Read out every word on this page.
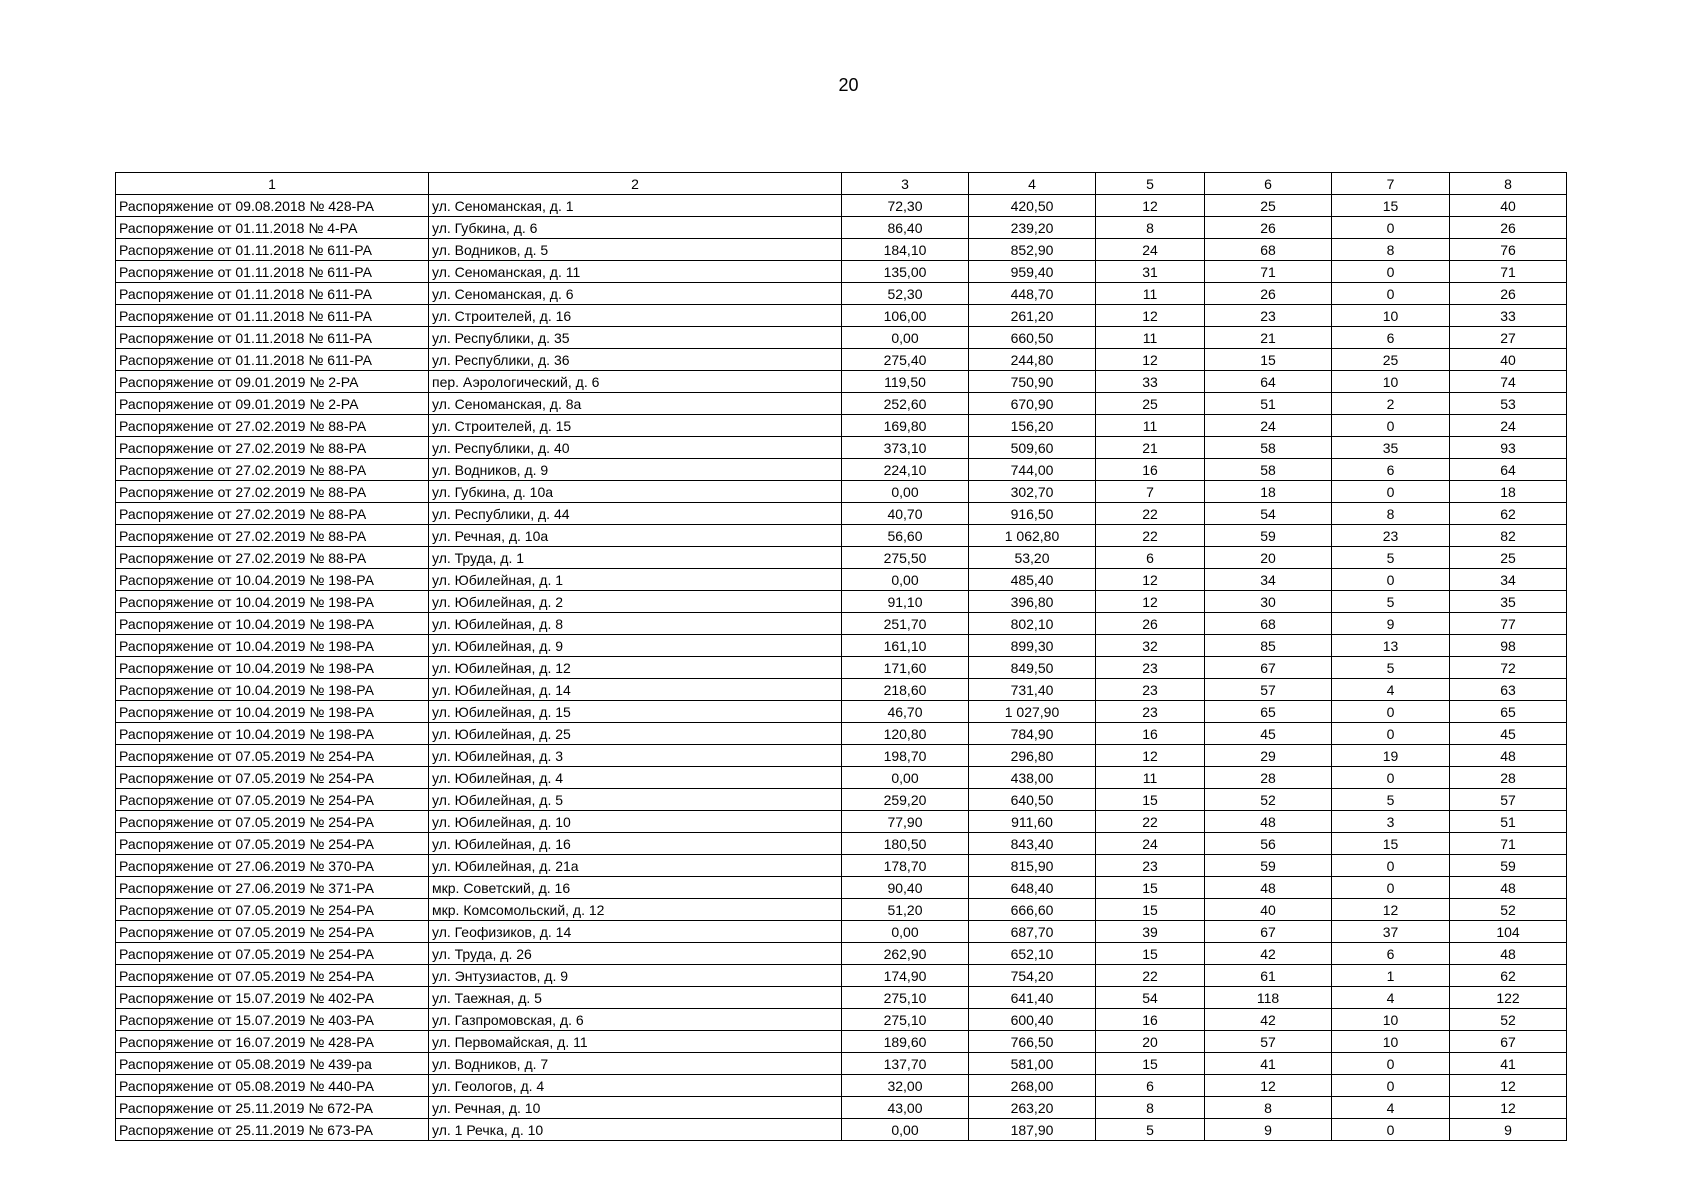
20
1	2	3	4	5	6	7	8
Распоряжение от 09.08.2018 № 428-РА	ул. Сеноманская, д. 1	72,30	420,50	12	25	15	40
Распоряжение от 01.11.2018 № 4-РА	ул. Губкина, д. 6	86,40	239,20	8	26	0	26
Распоряжение от 01.11.2018 № 611-РА	ул. Водников, д. 5	184,10	852,90	24	68	8	76
Распоряжение от 01.11.2018 № 611-РА	ул. Сеноманская, д. 11	135,00	959,40	31	71	0	71
Распоряжение от 01.11.2018 № 611-РА	ул. Сеноманская, д. 6	52,30	448,70	11	26	0	26
Распоряжение от 01.11.2018 № 611-РА	ул. Строителей, д. 16	106,00	261,20	12	23	10	33
Распоряжение от 01.11.2018 № 611-РА	ул. Республики, д. 35	0,00	660,50	11	21	6	27
Распоряжение от 01.11.2018 № 611-РА	ул. Республики, д. 36	275,40	244,80	12	15	25	40
Распоряжение от 09.01.2019 № 2-РА	пер. Аэрологический, д. 6	119,50	750,90	33	64	10	74
Распоряжение от 09.01.2019 № 2-РА	ул. Сеноманская, д. 8а	252,60	670,90	25	51	2	53
Распоряжение от 27.02.2019 № 88-РА	ул. Строителей, д. 15	169,80	156,20	11	24	0	24
Распоряжение от 27.02.2019 № 88-РА	ул. Республики, д. 40	373,10	509,60	21	58	35	93
Распоряжение от 27.02.2019 № 88-РА	ул. Водников, д. 9	224,10	744,00	16	58	6	64
Распоряжение от 27.02.2019 № 88-РА	ул. Губкина, д. 10а	0,00	302,70	7	18	0	18
Распоряжение от 27.02.2019 № 88-РА	ул. Республики, д. 44	40,70	916,50	22	54	8	62
Распоряжение от 27.02.2019 № 88-РА	ул. Речная, д. 10а	56,60	1 062,80	22	59	23	82
Распоряжение от 27.02.2019 № 88-РА	ул. Труда, д. 1	275,50	53,20	6	20	5	25
Распоряжение от 10.04.2019 № 198-РА	ул. Юбилейная, д. 1	0,00	485,40	12	34	0	34
Распоряжение от 10.04.2019 № 198-РА	ул. Юбилейная, д. 2	91,10	396,80	12	30	5	35
Распоряжение от 10.04.2019 № 198-РА	ул. Юбилейная, д. 8	251,70	802,10	26	68	9	77
Распоряжение от 10.04.2019 № 198-РА	ул. Юбилейная, д. 9	161,10	899,30	32	85	13	98
Распоряжение от 10.04.2019 № 198-РА	ул. Юбилейная, д. 12	171,60	849,50	23	67	5	72
Распоряжение от 10.04.2019 № 198-РА	ул. Юбилейная, д. 14	218,60	731,40	23	57	4	63
Распоряжение от 10.04.2019 № 198-РА	ул. Юбилейная, д. 15	46,70	1 027,90	23	65	0	65
Распоряжение от 10.04.2019 № 198-РА	ул. Юбилейная, д. 25	120,80	784,90	16	45	0	45
Распоряжение от 07.05.2019 № 254-РА	ул. Юбилейная, д. 3	198,70	296,80	12	29	19	48
Распоряжение от 07.05.2019 № 254-РА	ул. Юбилейная, д. 4	0,00	438,00	11	28	0	28
Распоряжение от 07.05.2019 № 254-РА	ул. Юбилейная, д. 5	259,20	640,50	15	52	5	57
Распоряжение от 07.05.2019 № 254-РА	ул. Юбилейная, д. 10	77,90	911,60	22	48	3	51
Распоряжение от 07.05.2019 № 254-РА	ул. Юбилейная, д. 16	180,50	843,40	24	56	15	71
Распоряжение от 27.06.2019 № 370-РА	ул. Юбилейная, д. 21а	178,70	815,90	23	59	0	59
Распоряжение от 27.06.2019 № 371-РА	мкр. Советский, д. 16	90,40	648,40	15	48	0	48
Распоряжение от 07.05.2019 № 254-РА	мкр. Комсомольский, д. 12	51,20	666,60	15	40	12	52
Распоряжение от 07.05.2019 № 254-РА	ул. Геофизиков, д. 14	0,00	687,70	39	67	37	104
Распоряжение от 07.05.2019 № 254-РА	ул. Труда, д. 26	262,90	652,10	15	42	6	48
Распоряжение от 07.05.2019 № 254-РА	ул. Энтузиастов, д. 9	174,90	754,20	22	61	1	62
Распоряжение от 15.07.2019 № 402-РА	ул. Таежная, д. 5	275,10	641,40	54	118	4	122
Распоряжение от 15.07.2019 № 403-РА	ул. Газпромовская, д. 6	275,10	600,40	16	42	10	52
Распоряжение от 16.07.2019 № 428-РА	ул. Первомайская, д. 11	189,60	766,50	20	57	10	67
Распоряжение от 05.08.2019 № 439-ра	ул. Водников, д. 7	137,70	581,00	15	41	0	41
Распоряжение от 05.08.2019 № 440-РА	ул. Геологов, д. 4	32,00	268,00	6	12	0	12
Распоряжение от 25.11.2019 № 672-РА	ул. Речная, д. 10	43,00	263,20	8	8	4	12
Распоряжение от 25.11.2019 № 673-РА	ул. 1 Речка, д. 10	0,00	187,90	5	9	0	9
